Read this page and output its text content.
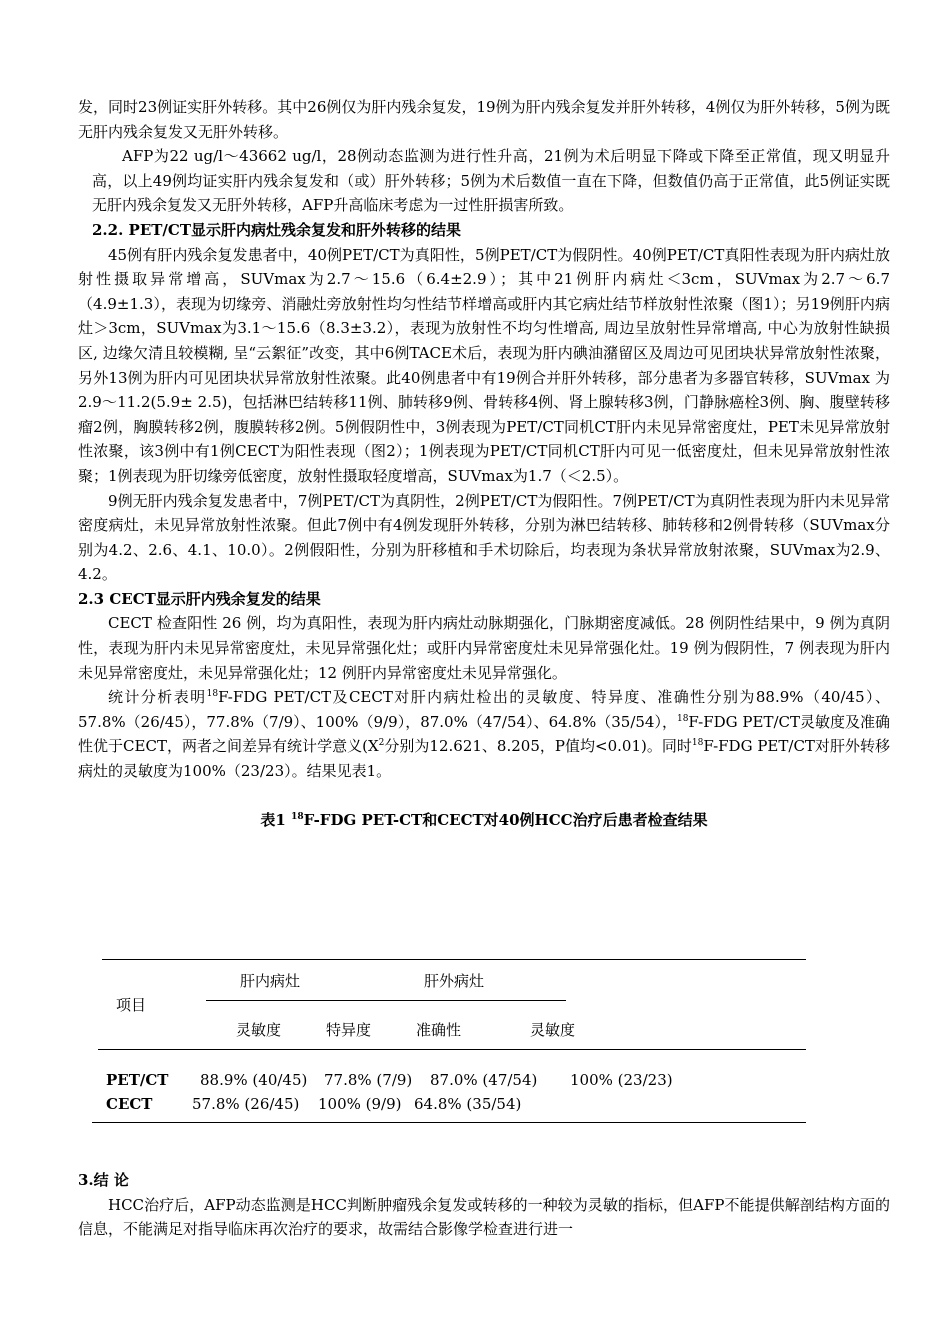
发，同时23例证实肝外转移。其中26例仅为肝内残余复发，19例为肝内残余复发并肝外转移，4例仅为肝外转移，5例为既无肝内残余复发又无肝外转移。

AFP为22 ug/l～43662 ug/l，28例动态监测为进行性升高，21例为术后明显下降或下降至正常值，现又明显升高，以上49例均证实肝内残余复发和（或）肝外转移；5例为术后数值一直在下降，但数值仍高于正常值，此5例证实既无肝内残余复发又无肝外转移，AFP升高临床考虑为一过性肝损害所致。

2.2. PET/CT显示肝内病灶残余复发和肝外转移的结果

45例有肝内残余复发患者中，40例PET/CT为真阳性，5例PET/CT为假阴性。40例PET/CT真阳性表现为肝内病灶放射性摄取异常增高，SUVmax为2.7～15.6（6.4±2.9）；其中21例肝内病灶＜3cm，SUVmax为2.7～6.7（4.9±1.3），表现为切缘旁、消融灶旁放射性均匀性结节样增高或肝内其它病灶结节样放射性浓聚（图1）；另19例肝内病灶＞3cm，SUVmax为3.1～15.6（8.3±3.2），表现为放射性不均匀性增高, 周边呈放射性异常增高, 中心为放射性缺损区, 边缘欠清且较模糊, 呈“云絮征”改变，其中6例TACE术后，表现为肝内碘油潴留区及周边可见团块状异常放射性浓聚，另外13例为肝内可见团块状异常放射性浓聚。此40例患者中有19例合并肝外转移，部分患者为多器官转移，SUVmax 为2.9～11.2(5.9± 2.5)，包括淋巴结转移11例、肺转移9例、骨转移4例、肾上腺转移3例，门静脉癌栓3例、胸、腹壁转移瘤2例，胸膜转移2例，腹膜转移2例。5例假阴性中，3例表现为PET/CT同机CT肝内未见异常密度灶，PET未见异常放射性浓聚，该3例中有1例CECT为阳性表现（图2）；1例表现为PET/CT同机CT肝内可见一低密度灶，但未见异常放射性浓聚；1例表现为肝切缘旁低密度，放射性摄取轻度增高，SUVmax为1.7（＜2.5）。

9例无肝内残余复发患者中，7例PET/CT为真阴性，2例PET/CT为假阳性。7例PET/CT为真阴性表现为肝内未见异常密度病灶，未见异常放射性浓聚。但此7例中有4例发现肝外转移，分别为淋巴结转移、肺转移和2例骨转移（SUVmax分别为4.2、2.6、4.1、10.0）。2例假阳性，分别为肝移植和手术切除后，均表现为条状异常放射浓聚，SUVmax为2.9、4.2。

2.3 CECT显示肝内残余复发的结果

CECT 检查阳性 26 例，均为真阳性，表现为肝内病灶动脉期强化，门脉期密度减低。28 例阴性结果中，9 例为真阴性，表现为肝内未见异常密度灶，未见异常强化灶；或肝内异常密度灶未见异常强化灶。19 例为假阴性，7 例表现为肝内未见异常密度灶，未见异常强化灶；12 例肝内异常密度灶未见异常强化。

统计分析表明$^{18}$F-FDG PET/CT及CECT对肝内病灶检出的灵敏度、特异度、准确性分别为88.9%（40/45）、57.8%（26/45），77.8%（7/9）、100%（9/9），87.0%（47/54）、64.8%（35/54），$^{18}$F-FDG PET/CT灵敏度及准确性优于CECT，两者之间差异有统计学意义($X^2$分别为12.621、8.205，P值均<0.01)。同时$^{18}$F-FDG PET/CT对肝外转移病灶的灵敏度为100%（23/23）。结果见表1。

表1 $^{18}$F-FDG PET-CT和CECT对40例HCC治疗后患者检查结果
项目
肝内病灶	肝外病灶
灵敏度	特异度	准确性	灵敏度
PET/CT 88.9% (40/45) 77.8% (7/9) 87.0% (47/54) 100% (23/23)
CECT	57.8% (26/45) 100% (9/9) 64.8% (35/54)
3.结 论

HCC治疗后，AFP动态监测是HCC判断肿瘤残余复发或转移的一种较为灵敏的指标，但AFP不能提供解剖结构方面的信息，不能满足对指导临床再次治疗的要求，故需结合影像学检查进行进一
